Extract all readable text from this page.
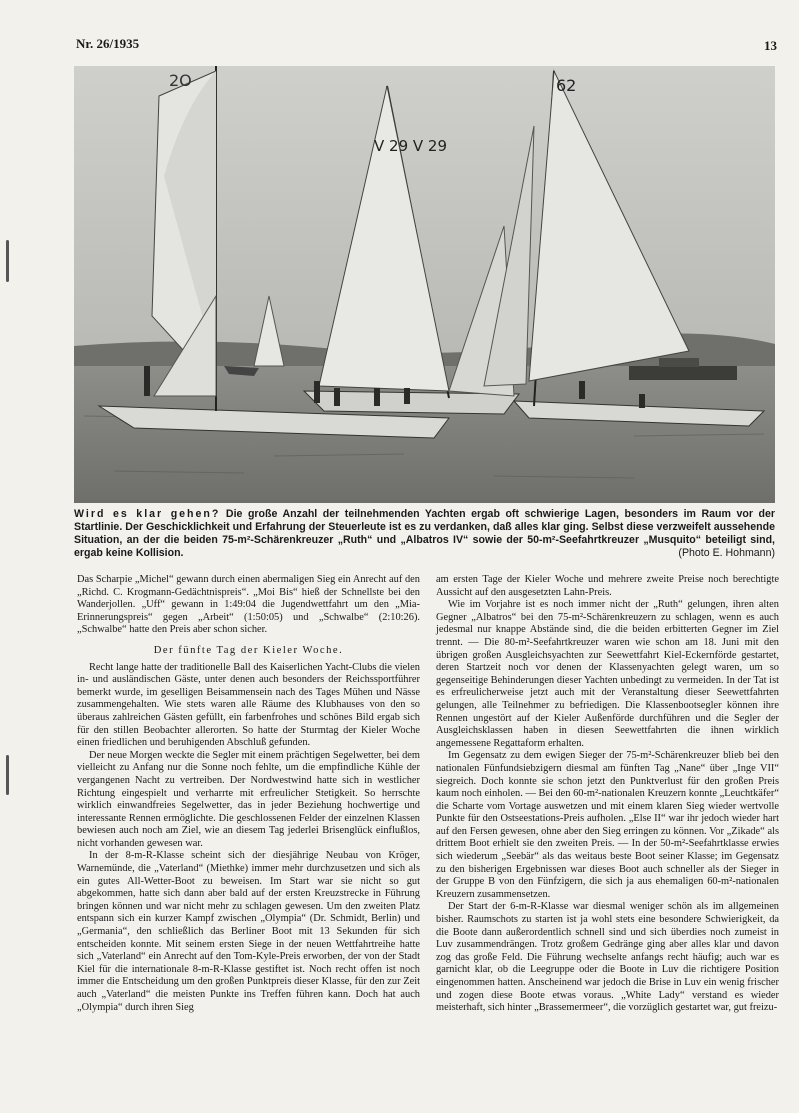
Nr. 26/1935	13
2O
V 29 V 29
62
Wird es klar gehen? Die große Anzahl der teilnehmenden Yachten ergab oft schwierige Lagen, besonders im Raum vor der Startlinie. Der Geschicklichkeit und Erfahrung der Steuerleute ist es zu verdanken, daß alles klar ging. Selbst diese verzweifelt aussehende Situation, an der die beiden 75-m²-Schärenkreuzer „Ruth“ und „Albatros IV“ sowie der 50-m²-Seefahrtkreuzer „Musquito“ beteiligt sind, ergab keine Kollision.	(Photo E. Hohmann)

Das Scharpie „Michel“ gewann durch einen abermaligen Sieg ein Anrecht auf den „Richd. C. Krogmann-Gedächtnispreis“. „Moi Bis“ hieß der Schnellste bei den Wanderjollen. „Uff“ gewann in 1:49:04 die Jugendwettfahrt um den „Mia-Erinnerungspreis“ gegen „Arbeit“ (1:50:05) und „Schwalbe“ (2:10:26). „Schwalbe“ hatte den Preis aber schon sicher.

Der fünfte Tag der Kieler Woche.

Recht lange hatte der traditionelle Ball des Kaiserlichen Yacht-Clubs die vielen in- und ausländischen Gäste, unter denen auch besonders der Reichssportführer bemerkt wurde, im geselligen Beisammensein nach des Tages Mühen und Nässe zusammengehalten. Wie stets waren alle Räume des Klubhauses von den so überaus zahlreichen Gästen gefüllt, ein farbenfrohes und schönes Bild ergab sich für den stillen Beobachter allerorten. So hatte der Sturmtag der Kieler Woche einen friedlichen und beruhigenden Abschluß gefunden.

Der neue Morgen weckte die Segler mit einem prächtigen Segelwetter, bei dem vielleicht zu Anfang nur die Sonne noch fehlte, um die empfindliche Kühle der vergangenen Nacht zu vertreiben. Der Nordwestwind hatte sich in westlicher Richtung eingespielt und verharrte mit erfreulicher Stetigkeit. So herrschte wirklich einwandfreies Segelwetter, das in jeder Beziehung hochwertige und interessante Rennen ermöglichte. Die geschlossenen Felder der einzelnen Klassen bewiesen auch noch am Ziel, wie an diesem Tag jederlei Brisenglück einflußlos, nicht vorhanden gewesen war.

In der 8-m-R-Klasse scheint sich der diesjährige Neubau von Kröger, Warnemünde, die „Vaterland“ (Miethke) immer mehr durchzusetzen und sich als ein gutes All-Wetter-Boot zu beweisen. Im Start war sie nicht so gut abgekommen, hatte sich dann aber bald auf der ersten Kreuzstrecke in Führung bringen können und war nicht mehr zu schlagen gewesen. Um den zweiten Platz entspann sich ein kurzer Kampf zwischen „Olympia“ (Dr. Schmidt, Berlin) und „Germania“, den schließlich das Berliner Boot mit 13 Sekunden für sich entscheiden konnte. Mit seinem ersten Siege in der neuen Wettfahrtreihe hatte sich „Vaterland“ ein Anrecht auf den Tom-Kyle-Preis erworben, der von der Stadt Kiel für die internationale 8-m-R-Klasse gestiftet ist. Noch recht offen ist noch immer die Entscheidung um den großen Punktpreis dieser Klasse, für den zur Zeit auch „Vaterland“ die meisten Punkte ins Treffen führen kann. Doch hat auch „Olympia“ durch ihren Sieg

am ersten Tage der Kieler Woche und mehrere zweite Preise noch berechtigte Aussicht auf den ausgesetzten Lahn-Preis.

Wie im Vorjahre ist es noch immer nicht der „Ruth“ gelungen, ihren alten Gegner „Albatros“ bei den 75-m²-Schärenkreuzern zu schlagen, wenn es auch jedesmal nur knappe Abstände sind, die die beiden erbitterten Gegner im Ziel trennt. — Die 80-m²-Seefahrtkreuzer waren wie schon am 18. Juni mit den übrigen großen Ausgleichsyachten zur Seewettfahrt Kiel-Eckernförde gestartet, deren Startzeit noch vor denen der Klassenyachten gelegt waren, um so gegenseitige Behinderungen dieser Yachten unbedingt zu vermeiden. In der Tat ist es erfreulicherweise jetzt auch mit der Veranstaltung dieser Seewettfahrten gelungen, alle Teilnehmer zu befriedigen. Die Klassenbootsegler können ihre Rennen ungestört auf der Kieler Außenförde durchführen und die Segler der Ausgleichsklassen haben in diesen Seewettfahrten die ihnen wirklich angemessene Regattaform erhalten.

Im Gegensatz zu dem ewigen Sieger der 75-m²-Schärenkreuzer blieb bei den nationalen Fünfundsiebzigern diesmal am fünften Tag „Nane“ über „Inge VII“ siegreich. Doch konnte sie schon jetzt den Punktverlust für den großen Preis kaum noch einholen. — Bei den 60-m²-nationalen Kreuzern konnte „Leuchtkäfer“ die Scharte vom Vortage auswetzen und mit einem klaren Sieg wieder wertvolle Punkte für den Ostseestations-Preis aufholen. „Else II“ war ihr jedoch wieder hart auf den Fersen gewesen, ohne aber den Sieg erringen zu können. Vor „Zikade“ als drittem Boot erhielt sie den zweiten Preis. — In der 50-m²-Seefahrtklasse erwies sich wiederum „Seebär“ als das weitaus beste Boot seiner Klasse; im Gegensatz zu den bisherigen Ergebnissen war dieses Boot auch schneller als der Sieger in der Gruppe B von den Fünfzigern, die sich ja aus ehemaligen 60-m²-nationalen Kreuzern zusammensetzen.

Der Start der 6-m-R-Klasse war diesmal weniger schön als im allgemeinen bisher. Raumschots zu starten ist ja wohl stets eine besondere Schwierigkeit, da die Boote dann außerordentlich schnell sind und sich überdies noch zumeist in Luv zusammendrängen. Trotz großem Gedränge ging aber alles klar und davon zog das große Feld. Die Führung wechselte anfangs recht häufig; auch war es garnicht klar, ob die Leegruppe oder die Boote in Luv die richtigere Position eingenommen hatten. Anscheinend war jedoch die Brise in Luv ein wenig frischer und zogen diese Boote etwas voraus. „White Lady“ verstand es wieder meisterhaft, sich hinter „Brassemermeer“, die vorzüglich gestartet war, gut freizu-
